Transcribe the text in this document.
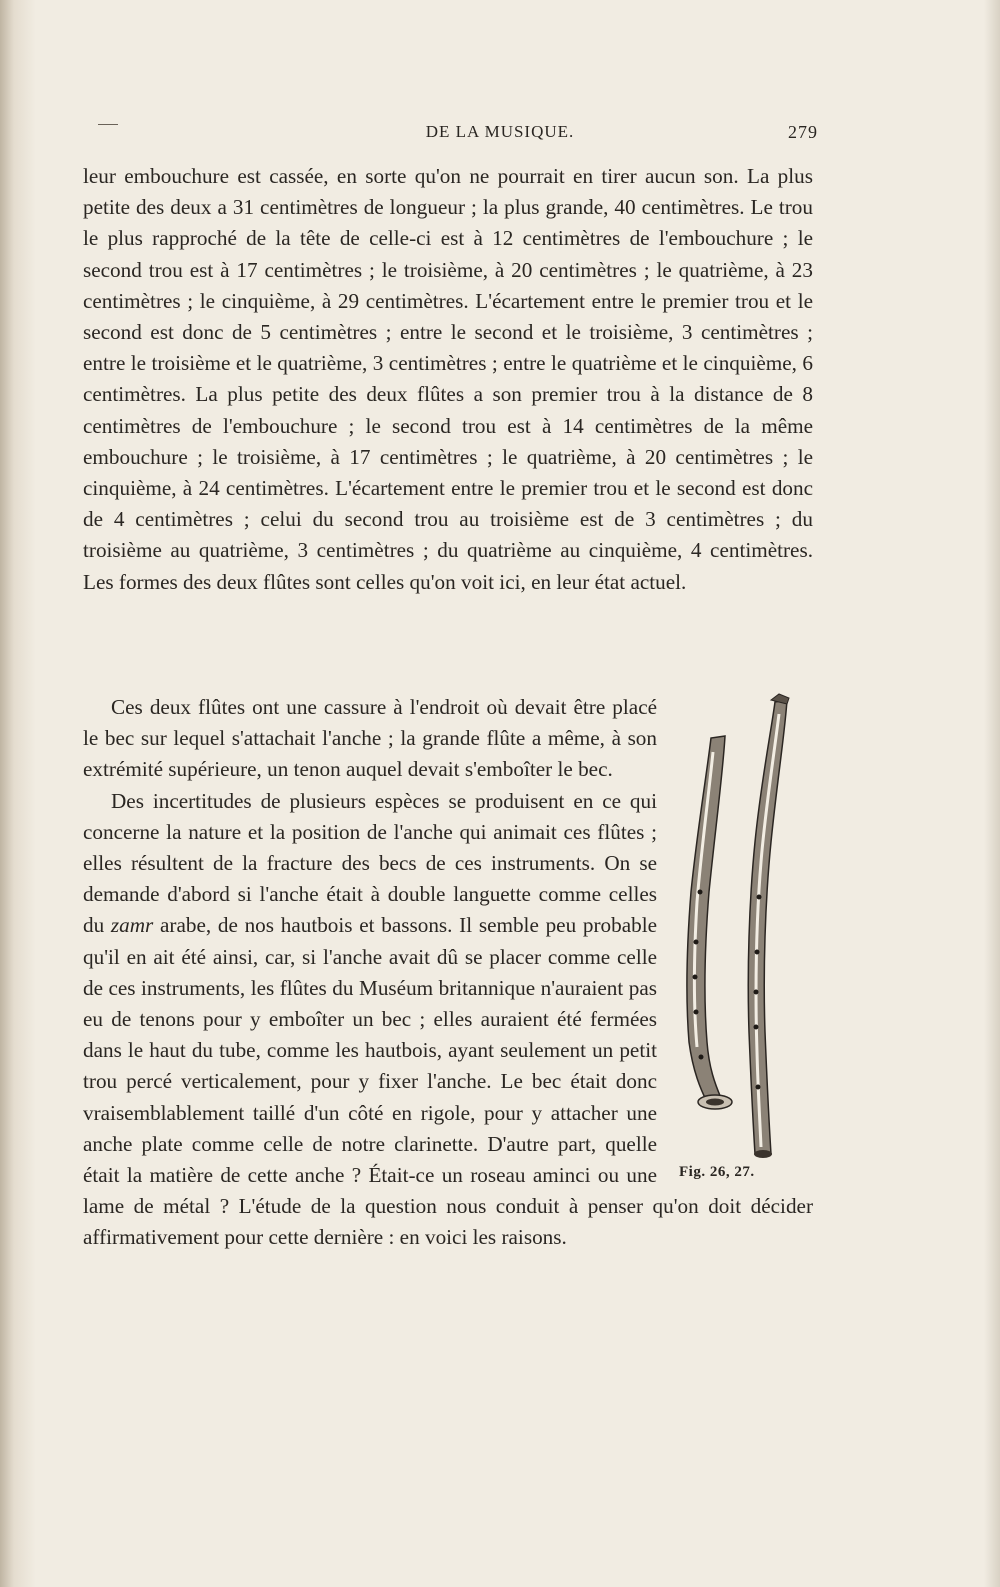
DE LA MUSIQUE.	279

leur embouchure est cassée, en sorte qu'on ne pourrait en tirer aucun son. La plus petite des deux a 31 centimètres de longueur ; la plus grande, 40 centimètres. Le trou le plus rapproché de la tête de celle-ci est à 12 centimètres de l'embouchure ; le second trou est à 17 centimètres ; le troisième, à 20 centimètres ; le quatrième, à 23 centimètres ; le cinquième, à 29 centimètres. L'écartement entre le premier trou et le second est donc de 5 centimètres ; entre le second et le troisième, 3 centimètres ; entre le troisième et le quatrième, 3 centimètres ; entre le quatrième et le cinquième, 6 centimètres. La plus petite des deux flûtes a son premier trou à la distance de 8 centimètres de l'embouchure ; le second trou est à 14 centimètres de la même embouchure ; le troisième, à 17 centimètres ; le quatrième, à 20 centimètres ; le cinquième, à 24 centimètres. L'écartement entre le premier trou et le second est donc de 4 centimètres ; celui du second trou au troisième est de 3 centimètres ; du troisième au quatrième, 3 centimètres ; du quatrième au cinquième, 4 centimètres. Les formes des deux flûtes sont celles qu'on voit ici, en leur état actuel.

Fig. 26, 27.

Ces deux flûtes ont une cassure à l'endroit où devait être placé le bec sur lequel s'attachait l'anche ; la grande flûte a même, à son extrémité supérieure, un tenon auquel devait s'emboîter le bec.

Des incertitudes de plusieurs espèces se produisent en ce qui concerne la nature et la position de l'anche qui animait ces flûtes ; elles résultent de la fracture des becs de ces instruments. On se demande d'abord si l'anche était à double languette comme celles du zamr arabe, de nos hautbois et bassons. Il semble peu probable qu'il en ait été ainsi, car, si l'anche avait dû se placer comme celle de ces instruments, les flûtes du Muséum britannique n'auraient pas eu de tenons pour y emboîter un bec ; elles auraient été fermées dans le haut du tube, comme les hautbois, ayant seulement un petit trou percé verticalement, pour y fixer l'anche. Le bec était donc vraisemblablement taillé d'un côté en rigole, pour y attacher une anche plate comme celle de notre clarinette. D'autre part, quelle était la matière de cette anche ? Était-ce un roseau aminci ou une lame de métal ? L'étude de la question nous conduit à penser qu'on doit décider affirmativement pour cette dernière : en voici les raisons.
